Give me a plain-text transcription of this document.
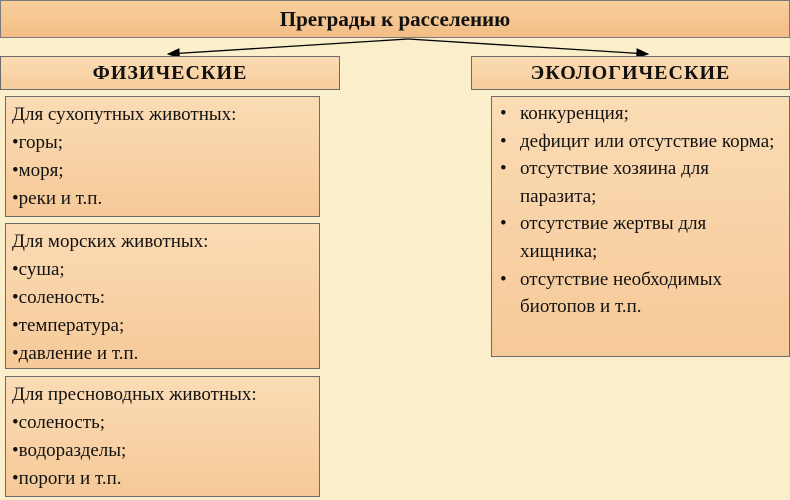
Преграды к расселению
ФИЗИЧЕСКИЕ	ЭКОЛОГИЧЕСКИЕ
Для сухопутных животных:
•горы;
•моря;
•реки и т.п.
Для морских животных:
•суша;
•соленость:
•температура;
•давление и т.п.
Для пресноводных животных:
•соленость;
•водоразделы;
•пороги и т.п.
• конкуренция;
• дефицит или отсутствие корма;
• отсутствие хозяина для паразита;
• отсутствие жертвы для хищника;
• отсутствие необходимых биотопов и т.п.
